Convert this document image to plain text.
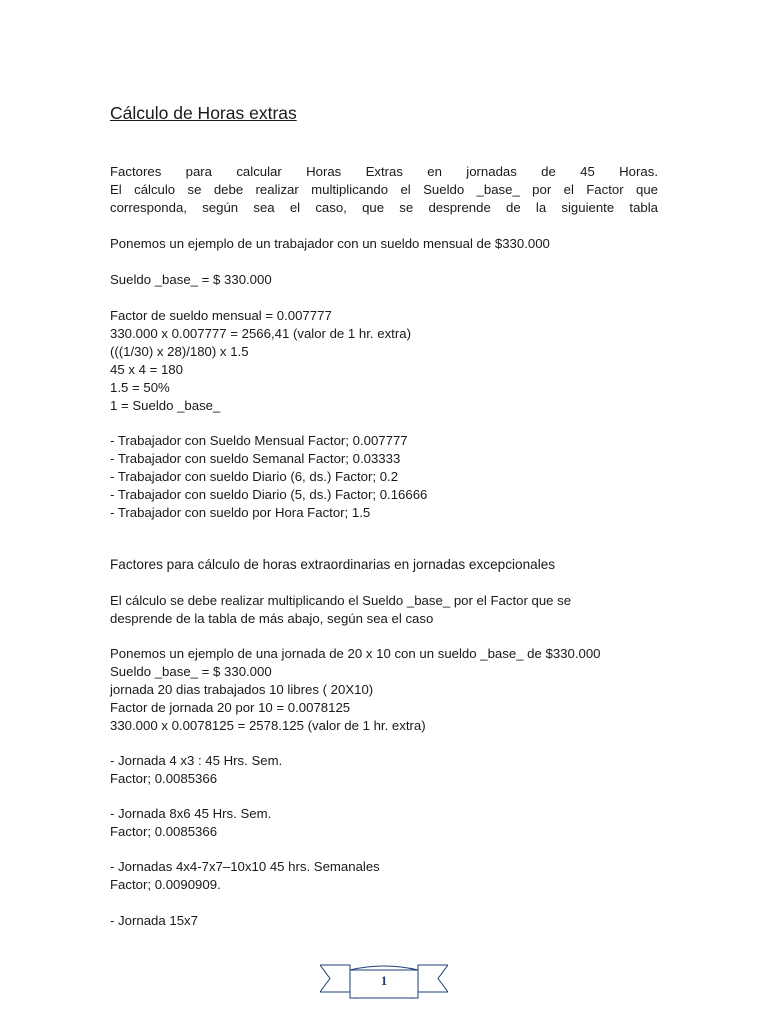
Cálculo de Horas extras

Factores para calcular Horas Extras en jornadas de 45 Horas.
El cálculo se debe realizar multiplicando el Sueldo _base_ por el Factor que
corresponda, según sea el caso, que se desprende de la siguiente tabla

Ponemos un ejemplo de un trabajador con un sueldo mensual de $330.000

Sueldo _base_ = $ 330.000

Factor de sueldo mensual = 0.007777
330.000 x 0.007777 = 2566,41 (valor de 1 hr. extra)
(((1/30) x 28)/180) x 1.5
45 x 4 = 180
1.5 = 50%
1 = Sueldo _base_

- Trabajador con Sueldo Mensual Factor; 0.007777
- Trabajador con sueldo Semanal Factor; 0.03333
- Trabajador con sueldo Diario (6, ds.) Factor; 0.2
- Trabajador con sueldo Diario (5, ds.) Factor; 0.16666
- Trabajador con sueldo por Hora Factor; 1.5

Factores para cálculo de horas extraordinarias en jornadas excepcionales

El cálculo se debe realizar multiplicando el Sueldo _base_ por el Factor que se
desprende de la tabla de más abajo, según sea el caso

Ponemos un ejemplo de una jornada de 20 x 10 con un sueldo _base_ de $330.000
Sueldo _base_ = $ 330.000
jornada 20 dias trabajados 10 libres ( 20X10)
Factor de jornada 20 por 10 = 0.0078125
330.000 x 0.0078125 = 2578.125 (valor de 1 hr. extra)

- Jornada 4 x3 : 45 Hrs. Sem.
Factor; 0.0085366

- Jornada 8x6 45 Hrs. Sem.
Factor; 0.0085366

- Jornadas 4x4-7x7–10x10 45 hrs. Semanales
Factor; 0.0090909.

- Jornada 15x7

1
